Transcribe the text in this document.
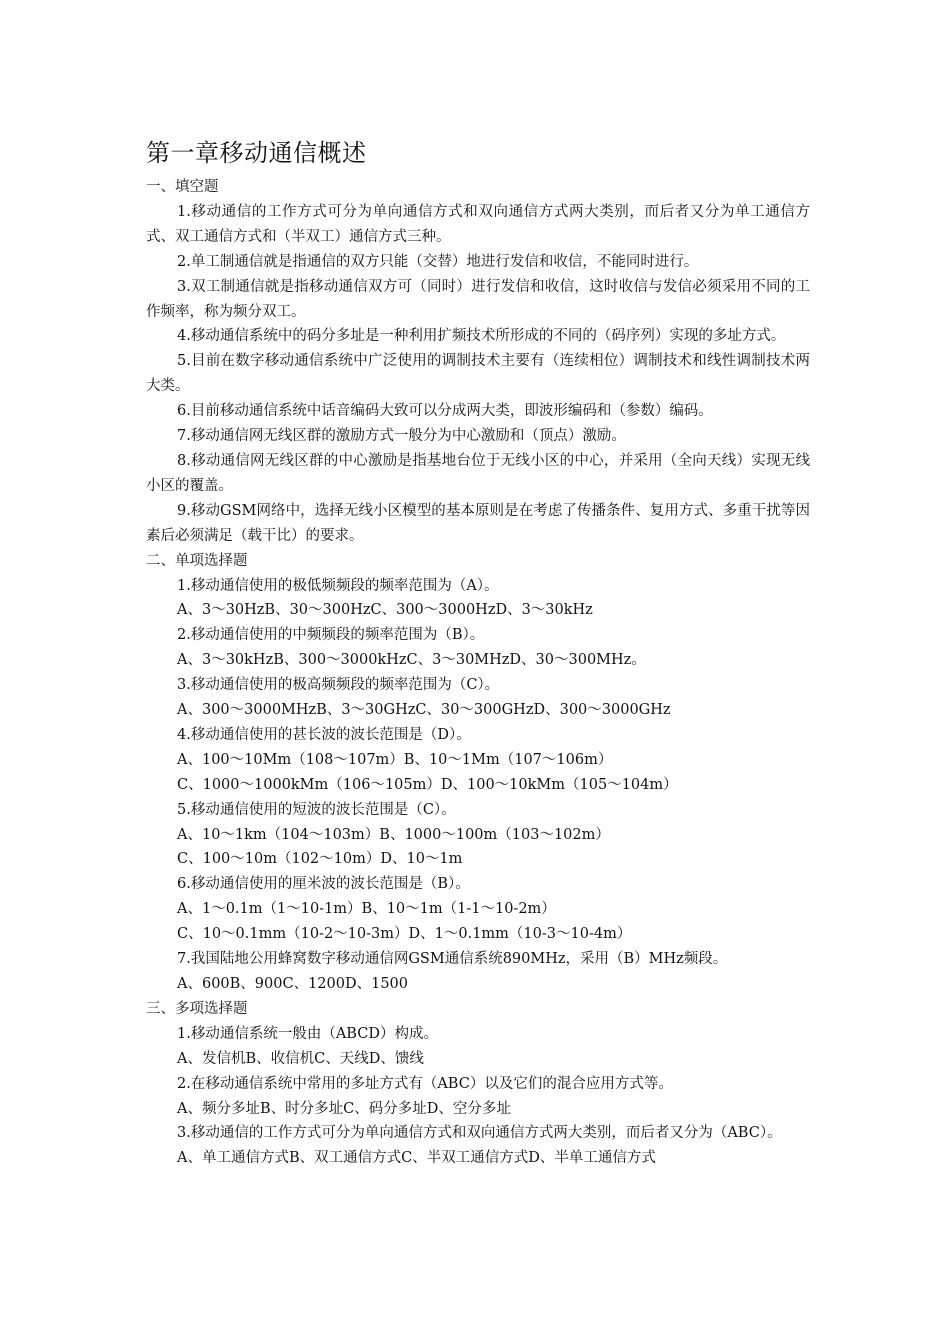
第一章移动通信概述
一、填空题
1.移动通信的工作方式可分为单向通信方式和双向通信方式两大类别，而后者又分为单工通信方式、双工通信方式和（半双工）通信方式三种。
2.单工制通信就是指通信的双方只能（交替）地进行发信和收信，不能同时进行。
3.双工制通信就是指移动通信双方可（同时）进行发信和收信，这时收信与发信必须采用不同的工作频率，称为频分双工。
4.移动通信系统中的码分多址是一种利用扩频技术所形成的不同的（码序列）实现的多址方式。
5.目前在数字移动通信系统中广泛使用的调制技术主要有（连续相位）调制技术和线性调制技术两大类。
6.目前移动通信系统中话音编码大致可以分成两大类，即波形编码和（参数）编码。
7.移动通信网无线区群的激励方式一般分为中心激励和（顶点）激励。
8.移动通信网无线区群的中心激励是指基地台位于无线小区的中心，并采用（全向天线）实现无线小区的覆盖。
9.移动GSM网络中，选择无线小区模型的基本原则是在考虑了传播条件、复用方式、多重干扰等因素后必须满足（载干比）的要求。
二、单项选择题
1.移动通信使用的极低频频段的频率范围为（A）。
A、3～30HzB、30～300HzC、300～3000HzD、3～30kHz
2.移动通信使用的中频频段的频率范围为（B）。
A、3～30kHzB、300～3000kHzC、3～30MHzD、30～300MHz。
3.移动通信使用的极高频频段的频率范围为（C）。
A、300～3000MHzB、3～30GHzC、30～300GHzD、300～3000GHz
4.移动通信使用的甚长波的波长范围是（D）。
A、100～10Mm（108～107m）B、10～1Mm（107～106m）
C、1000～1000kMm（106～105m）D、100～10kMm（105～104m）
5.移动通信使用的短波的波长范围是（C）。
A、10～1km（104～103m）B、1000～100m（103～102m）
C、100～10m（102～10m）D、10～1m
6.移动通信使用的厘米波的波长范围是（B）。
A、1～0.1m（1～10-1m）B、10～1m（1-1～10-2m）
C、10～0.1mm（10-2～10-3m）D、1～0.1mm（10-3～10-4m）
7.我国陆地公用蜂窝数字移动通信网GSM通信系统890MHz，采用（B）MHz频段。
A、600B、900C、1200D、1500
三、多项选择题
1.移动通信系统一般由（ABCD）构成。
A、发信机B、收信机C、天线D、馈线
2.在移动通信系统中常用的多址方式有（ABC）以及它们的混合应用方式等。
A、频分多址B、时分多址C、码分多址D、空分多址
3.移动通信的工作方式可分为单向通信方式和双向通信方式两大类别，而后者又分为（ABC）。
A、单工通信方式B、双工通信方式C、半双工通信方式D、半单工通信方式
